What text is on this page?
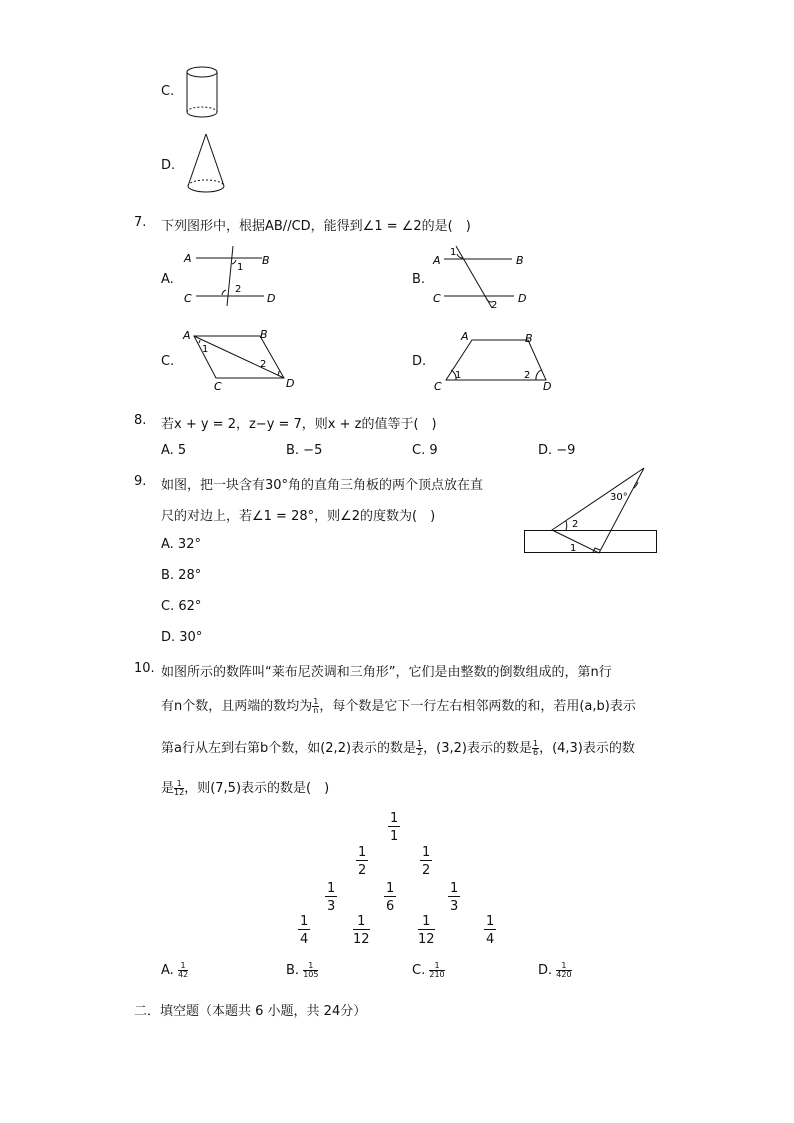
C.
D.
7. 下列图形中，根据AB//CD，能得到∠1 = ∠2的是(　)
A.
A	B
C	D
1
2
B.
A	B
C	D
1
2
C.
A	B
C	D
1
2	D.
A	B
C	D
1	2
8. 若x + y = 2，z−y = 7，则x + z的值等于(　)
A. 5	B. −5	C. 9	D. −9
9. 如图，把一块含有30°角的直角三角板的两个顶点放在直
尺的对边上，若∠1 = 28°，则∠2的度数为(　)
A. 32°
B. 28°
C. 62°
D. 30°
30°
2
1
10. 如图所示的数阵叫“莱布尼茨调和三角形”，它们是由整数的倒数组成的，第n行
有n个数，且两端的数均为 $\frac{1}{n}$ ，每个数是它下一行左右相邻两数的和，若用(a,b)表示
第a行从左到右第b个数，如(2,2)表示的数是 $\frac{1}{2}$ ，(3,2)表示的数是 $\frac{1}{6}$ ，(4,3)表示的数
是 $\frac{1}{12}$ ，则(7,5)表示的数是(　)
$\frac{1}{1}$
$\frac{1}{2}$	$\frac{1}{2}$
$\frac{1}{3}$	$\frac{1}{6}$	$\frac{1}{3}$
$\frac{1}{4}$	$\frac{1}{12}$	$\frac{1}{12}$	$\frac{1}{4}$
A. $\frac{1}{42}$	B. $\frac{1}{105}$	C. $\frac{1}{210}$	D. $\frac{1}{420}$
二．填空题（本题共 6 小题，共 24分）
